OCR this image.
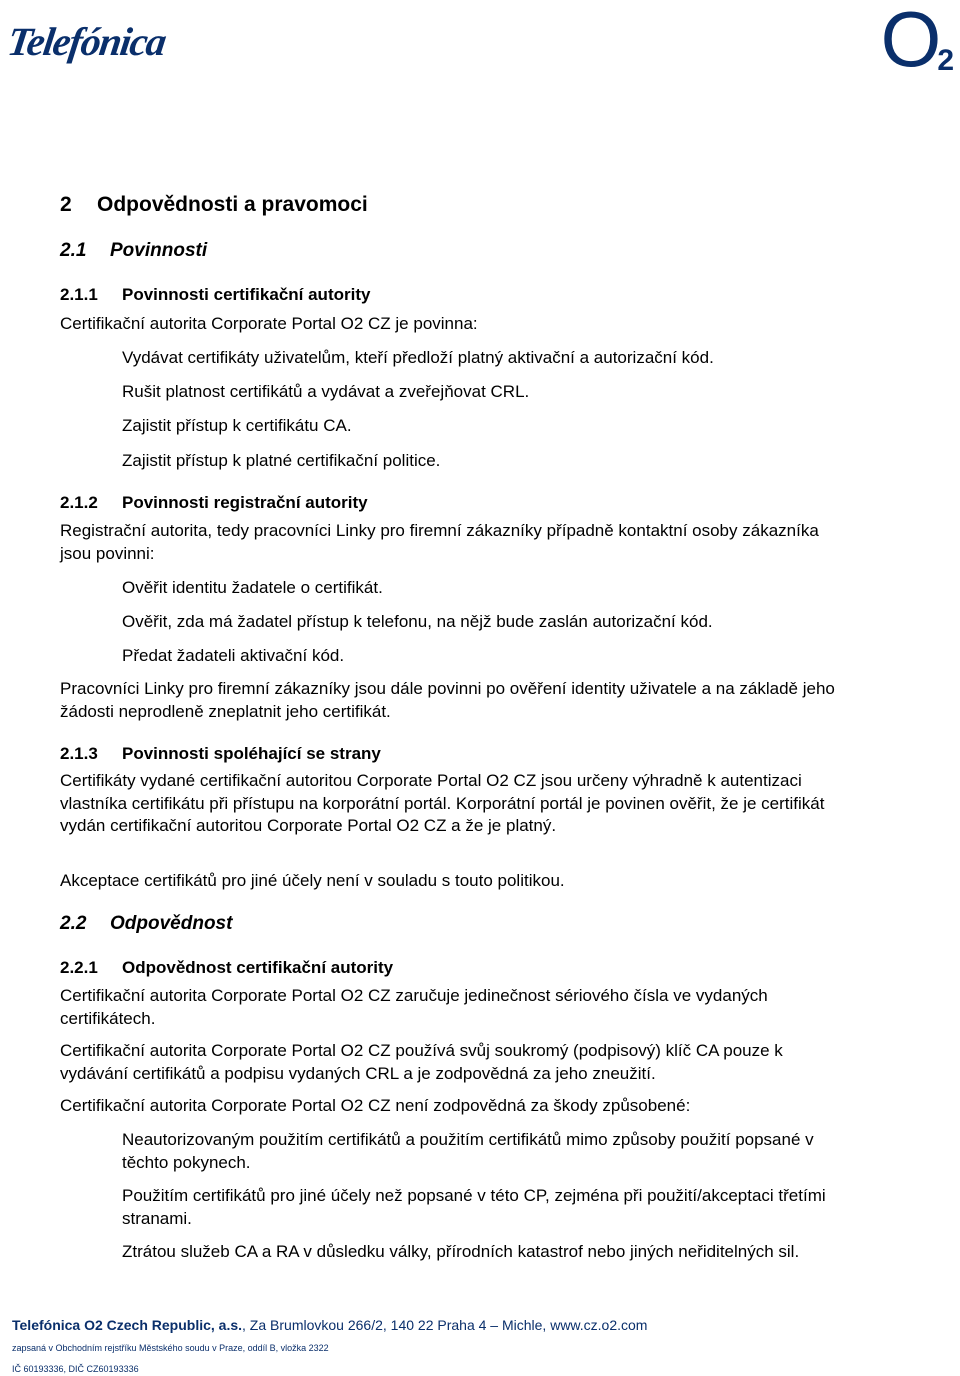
Telefónica	O2
2 Odpovědnosti a pravomoci
2.1 Povinnosti
2.1.1 Povinnosti certifikační autority
Certifikační autorita Corporate Portal O2 CZ je povinna:
Vydávat certifikáty uživatelům, kteří předloží platný aktivační a autorizační kód.
Rušit platnost certifikátů a vydávat a zveřejňovat CRL.
Zajistit přístup k certifikátu CA.
Zajistit přístup k platné certifikační politice.
2.1.2 Povinnosti registrační autority
Registrační autorita, tedy pracovníci Linky pro firemní zákazníky případně kontaktní osoby zákazníka jsou povinni:
Ověřit identitu žadatele o certifikát.
Ověřit, zda má žadatel přístup k telefonu, na nějž bude zaslán autorizační kód.
Předat žadateli aktivační kód.
Pracovníci Linky pro firemní zákazníky jsou dále povinni po ověření identity uživatele a na základě jeho žádosti neprodleně zneplatnit jeho certifikát.
2.1.3 Povinnosti spoléhající se strany
Certifikáty vydané certifikační autoritou Corporate Portal O2 CZ jsou určeny výhradně k autentizaci vlastníka certifikátu při přístupu na korporátní portál. Korporátní portál je povinen ověřit, že je certifikát vydán certifikační autoritou Corporate Portal O2 CZ a že je platný.
Akceptace certifikátů pro jiné účely není v souladu s touto politikou.
2.2 Odpovědnost
2.2.1 Odpovědnost certifikační autority
Certifikační autorita Corporate Portal O2 CZ zaručuje jedinečnost sériového čísla ve vydaných certifikátech.
Certifikační autorita Corporate Portal O2 CZ používá svůj soukromý (podpisový) klíč CA pouze k vydávání certifikátů a podpisu vydaných CRL a je zodpovědná za jeho zneužití.
Certifikační autorita Corporate Portal O2 CZ není zodpovědná za škody způsobené:
Neautorizovaným použitím certifikátů a použitím certifikátů mimo způsoby použití popsané v těchto pokynech.
Použitím certifikátů pro jiné účely než popsané v této CP, zejména při použití/akceptaci třetími stranami.
Ztrátou služeb CA a RA v důsledku války, přírodních katastrof nebo jiných neřiditelných sil.
Telefónica O2 Czech Republic, a.s., Za Brumlovkou 266/2, 140 22 Praha 4 – Michle, www.cz.o2.com
zapsaná v Obchodním rejstříku Městského soudu v Praze, oddíl B, vložka 2322
IČ 60193336, DIČ CZ60193336
